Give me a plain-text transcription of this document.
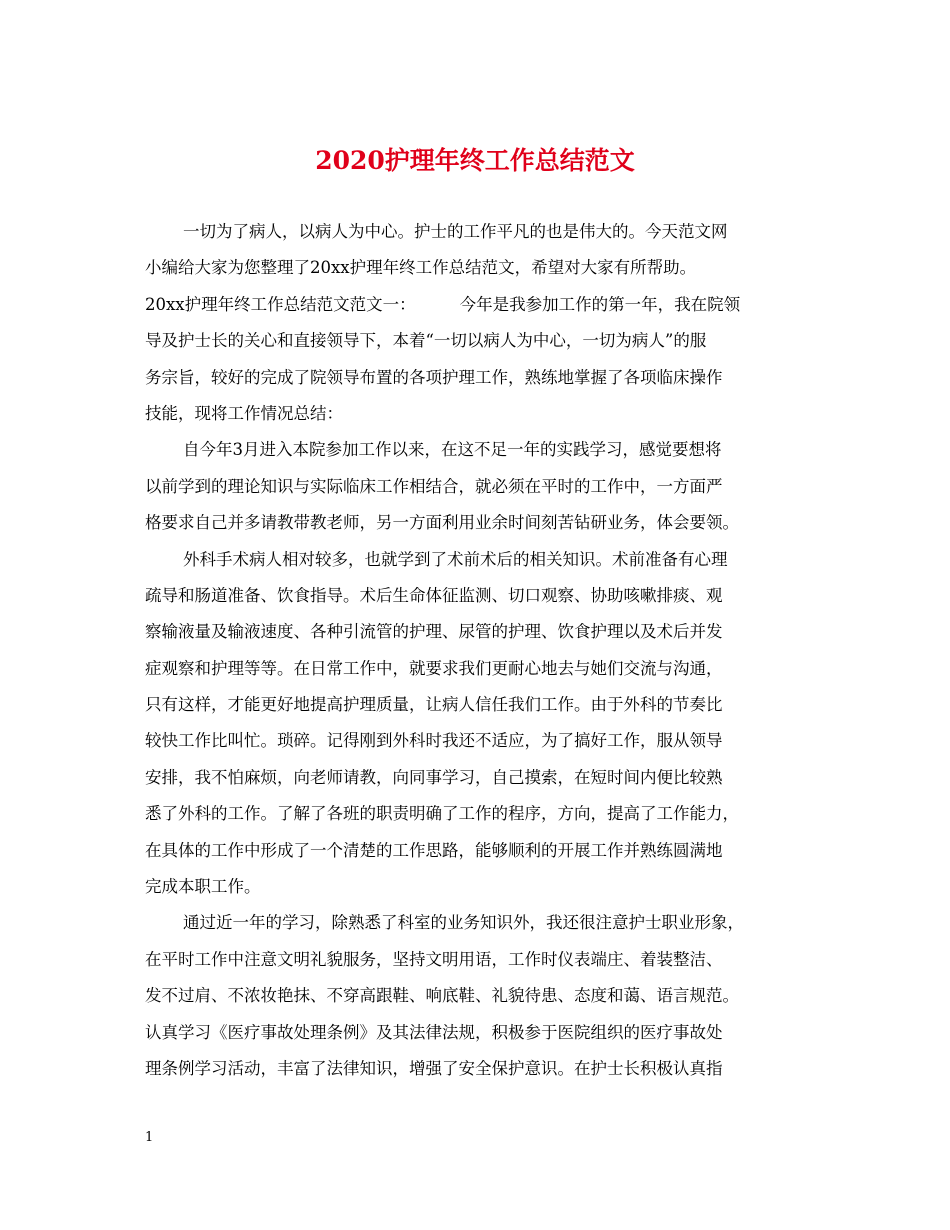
2020护理年终工作总结范文
一切为了病人，以病人为中心。护士的工作平凡的也是伟大的。今天范文网
小编给大家为您整理了20xx护理年终工作总结范文，希望对大家有所帮助。
20xx护理年终工作总结范文范文一：	今年是我参加工作的第一年，我在院领
导及护士长的关心和直接领导下，本着“一切以病人为中心，一切为病人”的服
务宗旨，较好的完成了院领导布置的各项护理工作，熟练地掌握了各项临床操作
技能，现将工作情况总结：
自今年3月进入本院参加工作以来，在这不足一年的实践学习，感觉要想将
以前学到的理论知识与实际临床工作相结合，就必须在平时的工作中，一方面严
格要求自己并多请教带教老师，另一方面利用业余时间刻苦钻研业务，体会要领。
外科手术病人相对较多，也就学到了术前术后的相关知识。术前准备有心理
疏导和肠道准备、饮食指导。术后生命体征监测、切口观察、协助咳嗽排痰、观
察输液量及输液速度、各种引流管的护理、尿管的护理、饮食护理以及术后并发
症观察和护理等等。在日常工作中，就要求我们更耐心地去与她们交流与沟通，
只有这样，才能更好地提高护理质量，让病人信任我们工作。由于外科的节奏比
较快工作比叫忙。琐碎。记得刚到外科时我还不适应，为了搞好工作，服从领导
安排，我不怕麻烦，向老师请教，向同事学习，自己摸索，在短时间内便比较熟
悉了外科的工作。了解了各班的职责明确了工作的程序，方向，提高了工作能力，
在具体的工作中形成了一个清楚的工作思路，能够顺利的开展工作并熟练圆满地
完成本职工作。
通过近一年的学习，除熟悉了科室的业务知识外，我还很注意护士职业形象，
在平时工作中注意文明礼貌服务，坚持文明用语，工作时仪表端庄、着装整洁、
发不过肩、不浓妆艳抹、不穿高跟鞋、响底鞋、礼貌待患、态度和蔼、语言规范。
认真学习《医疗事故处理条例》及其法律法规，积极参于医院组织的医疗事故处
理条例学习活动，丰富了法律知识，增强了安全保护意识。在护士长积极认真指
1
